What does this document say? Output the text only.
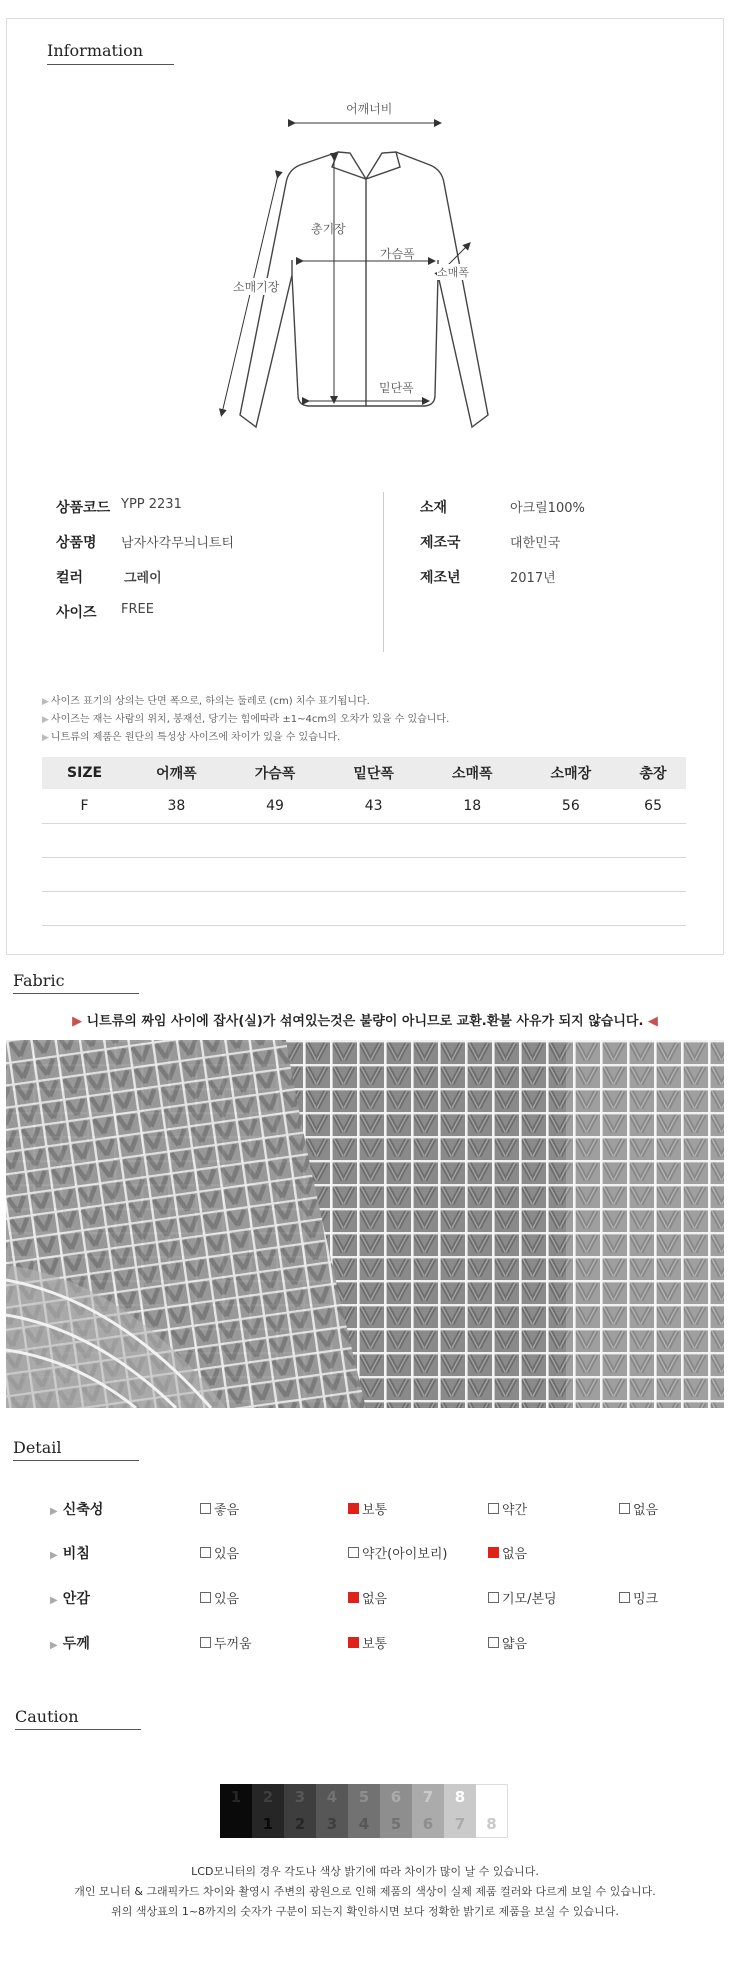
Information
어깨너비
총기장
가슴폭
소매폭
소매기장
밑단폭
상품코드 YPP 2231
상품명	남자사각무늬니트티
컬러	그레이
사이즈	FREE
소재	아크릴100%
제조국	대한민국
제조년	2017년
▶ 사이즈 표기의 상의는 단면 폭으로, 하의는 둘레로 (cm) 치수 표기됩니다.
▶ 사이즈는 재는 사람의 위치, 봉재선, 당기는 힘에따라 ±1~4cm의 오차가 있을 수 있습니다.
▶ 니트류의 제품은 원단의 특성상 사이즈에 차이가 있을 수 있습니다.
SIZE	어깨폭	가슴폭	밑단폭	소매폭	소매장	총장
F	38	49	43	18	56	65

Fabric
▶ 니트류의 짜임 사이에 잡사(실)가 섞여있는것은 불량이 아니므로 교환.환불 사유가 되지 않습니다. ◀
Detail
▶ 신축성	좋음	보통	약간	없음
▶ 비침	있음	약간(아이보리)	없음
▶ 안감	있음	없음	기모/본딩	밍크
▶ 두께	두꺼움	보통	얇음
Caution
1	2	3	4	5	6	7	8
1	2	3	4	5	6	7	8
LCD모니터의 경우 각도나 색상 밝기에 따라 차이가 많이 날 수 있습니다.
개인 모니터 & 그래픽카드 차이와 촬영시 주변의 광원으로 인해 제품의 색상이 실제 제품 컬러와 다르게 보일 수 있습니다.
위의 색상표의 1~8까지의 숫자가 구분이 되는지 확인하시면 보다 정확한 밝기로 제품을 보실 수 있습니다.
